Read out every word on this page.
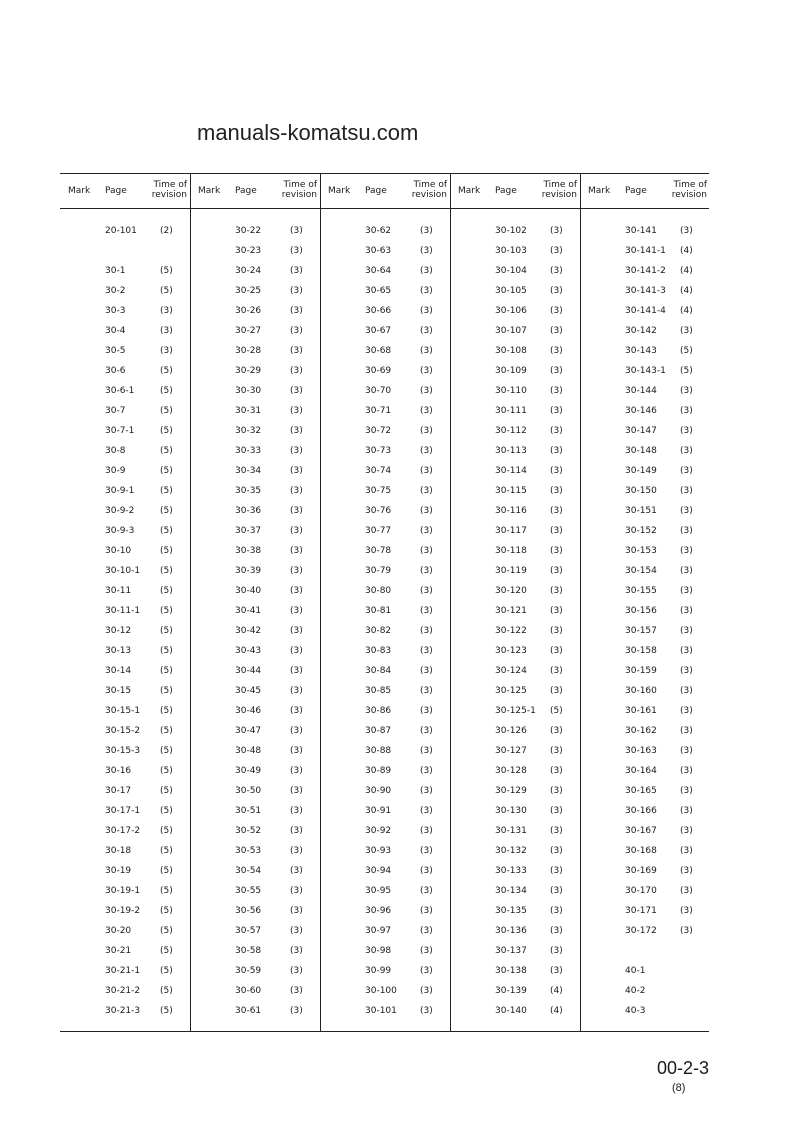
Mark Page
Time of
revision
20-101	(2)
30-1	(5)
30-2	(5)
30-3	(3)
30-4	(3)
30-5	(3)
30-6	(5)
30-6-1	(5)
30-7	(5)
30-7-1	(5)
30-8	(5)
30-9	(5)
30-9-1	(5)
30-9-2	(5)
30-9-3	(5)
30-10	(5)
30-10-1 (5)
30-11	(5)
30-11-1 (5)
30-12	(5)
30-13	(5)
30-14	(5)
30-15	(5)
30-15-1 (5)
30-15-2 (5)
30-15-3 (5)
30-16	(5)
30-17	(5)
30-17-1 (5)
30-17-2 (5)
30-18	(5)
30-19	(5)
30-19-1 (5)
30-19-2 (5)
30-20	(5)
30-21	(5)
30-21-1 (5)
30-21-2 (5)
30-21-3 (5)
Mark Page
Time of
revision
30-22	(3)
30-23	(3)
30-24	(3)
30-25	(3)
30-26	(3)
30-27	(3)
30-28	(3)
30-29	(3)
30-30	(3)
30-31	(3)
30-32	(3)
30-33	(3)
30-34	(3)
30-35	(3)
30-36	(3)
30-37	(3)
30-38	(3)
30-39	(3)
30-40	(3)
30-41	(3)
30-42	(3)
30-43	(3)
30-44	(3)
30-45	(3)
30-46	(3)
30-47	(3)
30-48	(3)
30-49	(3)
30-50	(3)
30-51	(3)
30-52	(3)
30-53	(3)
30-54	(3)
30-55	(3)
30-56	(3)
30-57	(3)
30-58	(3)
30-59	(3)
30-60	(3)
30-61	(3)
Mark Page
Time of
revision
30-62	(3)
30-63	(3)
30-64	(3)
30-65	(3)
30-66	(3)
30-67	(3)
30-68	(3)
30-69	(3)
30-70	(3)
30-71	(3)
30-72	(3)
30-73	(3)
30-74	(3)
30-75	(3)
30-76	(3)
30-77	(3)
30-78	(3)
30-79	(3)
30-80	(3)
30-81	(3)
30-82	(3)
30-83	(3)
30-84	(3)
30-85	(3)
30-86	(3)
30-87	(3)
30-88	(3)
30-89	(3)
30-90	(3)
30-91	(3)
30-92	(3)
30-93	(3)
30-94	(3)
30-95	(3)
30-96	(3)
30-97	(3)
30-98	(3)
30-99	(3)
30-100	(3)
30-101	(3)
Mark Page
Time of
revision
30-102	(3)
30-103	(3)
30-104	(3)
30-105	(3)
30-106	(3)
30-107	(3)
30-108	(3)
30-109	(3)
30-110	(3)
30-111	(3)
30-112	(3)
30-113	(3)
30-114	(3)
30-115	(3)
30-116	(3)
30-117	(3)
30-118	(3)
30-119	(3)
30-120	(3)
30-121	(3)
30-122	(3)
30-123	(3)
30-124	(3)
30-125	(3)
30-125-1 (5)
30-126	(3)
30-127	(3)
30-128	(3)
30-129	(3)
30-130	(3)
30-131	(3)
30-132	(3)
30-133	(3)
30-134	(3)
30-135	(3)
30-136	(3)
30-137	(3)
30-138	(3)
30-139	(4)
30-140	(4)
Mark Page
Time of
revision
30-141	(3)
30-141-1 (4)
30-141-2 (4)
30-141-3 (4)
30-141-4 (4)
30-142	(3)
30-143	(5)
30-143-1 (5)
30-144	(3)
30-146	(3)
30-147	(3)
30-148	(3)
30-149	(3)
30-150	(3)
30-151	(3)
30-152	(3)
30-153	(3)
30-154	(3)
30-155	(3)
30-156	(3)
30-157	(3)
30-158	(3)
30-159	(3)
30-160	(3)
30-161	(3)
30-162	(3)
30-163	(3)
30-164	(3)
30-165	(3)
30-166	(3)
30-167	(3)
30-168	(3)
30-169	(3)
30-170	(3)
30-171	(3)
30-172	(3)
40-1
40-2
40-3
manuals-komatsu.com
00-2-3
(8)
